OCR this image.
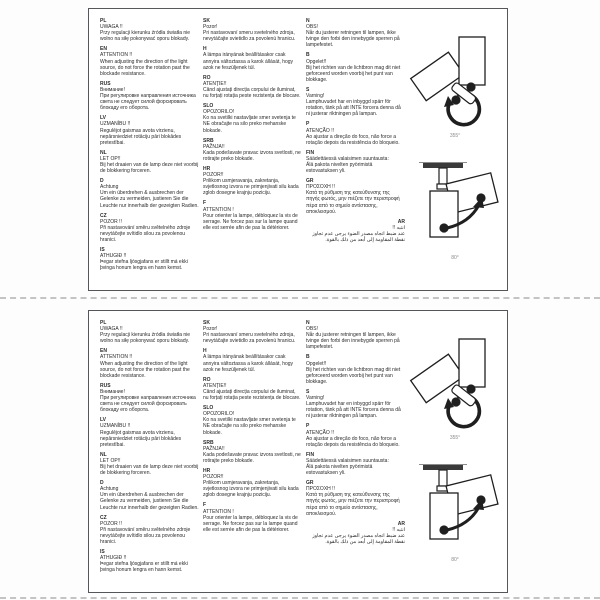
PL
UWAGA !!
Przy regulacji kierunku źródła światła nie wolno na siłę pokonywać oporu blokady.
EN
ATTENTION !!
When adjusting the direction of the light source, do not force the rotation past the blockade resistance.
RUS
Внимание!
При регулировке направления источника света не следует силой форсировать блокаду его оборота.
LV
UZMANĪBU !!
Regulējot gaismas avota virzienu, nepārsniedziet rotāciju pāri blokādes pretestībai.
NL
LET OP!!
Bij het draaien van de lamp deze niet voorbij de blokkering forceren.
D
Achtung
Um ein überdrehen & ausbrechen der Gelenke zu vermeiden, justieren Sie die Leuchte nur innerhalb der gezeigten Radien.
CZ
POZOR !!
Při nastavování směru světelného zdroje nevytáčejte svítidlo silou za povolenou hranici.
IS
ATHUGIÐ !!
Þegar stefna ljósgjafans er stillt má ekki þvinga honum lengra en hann kemst.
SK
Pozor!
Pri nastavovaní smeru svetelného zdroja, nevytáčajte svietidlo za povolenú hranicu.
H
A lámpa irányának beállításakor csak annyira változtassa a karok állását, hogy azok ne feszüljenek túl.
RO
ATENȚIE!!
Când ajustați direcția corpului de iluminat, nu forțați rotația peste rezistența de blocare.
SLO
OPOZORILO!
Ko na svetilki nastavljate smer svetenja te NE obračajte na silo preko mehanske blokade.
SRB
PAŽNJA!!
Kada podešavate pravac izvora svetlosti, ne rotirajte preko blokade.
HR
POZOR!!
Prilikom usmjeravanja, zakretanja, svjetlosnog izvora ne primjenjivati silu kada zglob dosegne krajnju poziciju.
F
ATTENTION !
Pour orienter la lampe, débloquez la vis de serrage. Ne forcez pas sur la lampe quand elle est serrée afin de pas la détériorer.
N
OBS!
Når du justerer retningen til lampen, ikke tvinge den forbi den innebygde sperren på lampefestet.
B
Opgelet!!
Bij het richten van de lichtbron mag dit niet geforceerd worden voorbij het punt van blokkage.
S
Varning!
Lamphuvudet har en inbyggd spärr för rotation, tänk på att INTE forcera denna då ni justerar riktningen på lampan.
P
ATENÇÃO !!
Ao ajustar a direção do foco, não force a rotação depois da resistência do bloqueio.
FIN
Säädettäessä valaisimen suuntausta:
Älä pakota nivelten pyörimistä estovastuksen yli.
GR
ΠΡΟΣΟΧΗ !!
Κατά τη ρύθμιση της κατεύθυνσης της πηγής φωτός, μην πιέζετε την περιστροφή πέρα από το σημείο αντίστασης, αποκλεισμού.
AR
انتبه !!
عند ضبط اتجاه مصدر الضوء يرجى عدم تجاوز نقطة المقاومة إلى أبعد من ذلك بالقوة.
355°
80°
PL
UWAGA !!
Przy regulacji kierunku źródła światła nie wolno na siłę pokonywać oporu blokady.
EN
ATTENTION !!
When adjusting the direction of the light source, do not force the rotation past the blockade resistance.
RUS
Внимание!
При регулировке направления источника света не следует силой форсировать блокаду его оборота.
LV
UZMANĪBU !!
Regulējot gaismas avota virzienu, nepārsniedziet rotāciju pāri blokādes pretestībai.
NL
LET OP!!
Bij het draaien van de lamp deze niet voorbij de blokkering forceren.
D
Achtung
Um ein überdrehen & ausbrechen der Gelenke zu vermeiden, justieren Sie die Leuchte nur innerhalb der gezeigten Radien.
CZ
POZOR !!
Při nastavování směru světelného zdroje nevytáčejte svítidlo silou za povolenou hranici.
IS
ATHUGIÐ !!
Þegar stefna ljósgjafans er stillt má ekki þvinga honum lengra en hann kemst.
SK
Pozor!
Pri nastavovaní smeru svetelného zdroja, nevytáčajte svietidlo za povolenú hranicu.
H
A lámpa irányának beállításakor csak annyira változtassa a karok állását, hogy azok ne feszüljenek túl.
RO
ATENȚIE!!
Când ajustați direcția corpului de iluminat, nu forțați rotația peste rezistența de blocare.
SLO
OPOZORILO!
Ko na svetilki nastavljate smer svetenja te NE obračajte na silo preko mehanske blokade.
SRB
PAŽNJA!!
Kada podešavate pravac izvora svetlosti, ne rotirajte preko blokade.
HR
POZOR!!
Prilikom usmjeravanja, zakretanja, svjetlosnog izvora ne primjenjivati silu kada zglob dosegne krajnju poziciju.
F
ATTENTION !
Pour orienter la lampe, débloquez la vis de serrage. Ne forcez pas sur la lampe quand elle est serrée afin de pas la détériorer.
N
OBS!
Når du justerer retningen til lampen, ikke tvinge den forbi den innebygde sperren på lampefestet.
B
Opgelet!!
Bij het richten van de lichtbron mag dit niet geforceerd worden voorbij het punt van blokkage.
S
Varning!
Lamphuvudet har en inbyggd spärr för rotation, tänk på att INTE forcera denna då ni justerar riktningen på lampan.
P
ATENÇÃO !!
Ao ajustar a direção do foco, não force a rotação depois da resistência do bloqueio.
FIN
Säädettäessä valaisimen suuntausta:
Älä pakota nivelten pyörimistä estovastuksen yli.
GR
ΠΡΟΣΟΧΗ !!
Κατά τη ρύθμιση της κατεύθυνσης της πηγής φωτός, μην πιέζετε την περιστροφή πέρα από το σημείο αντίστασης, αποκλεισμού.
AR
انتبه !!
عند ضبط اتجاه مصدر الضوء يرجى عدم تجاوز نقطة المقاومة إلى أبعد من ذلك بالقوة.
355°
80°
